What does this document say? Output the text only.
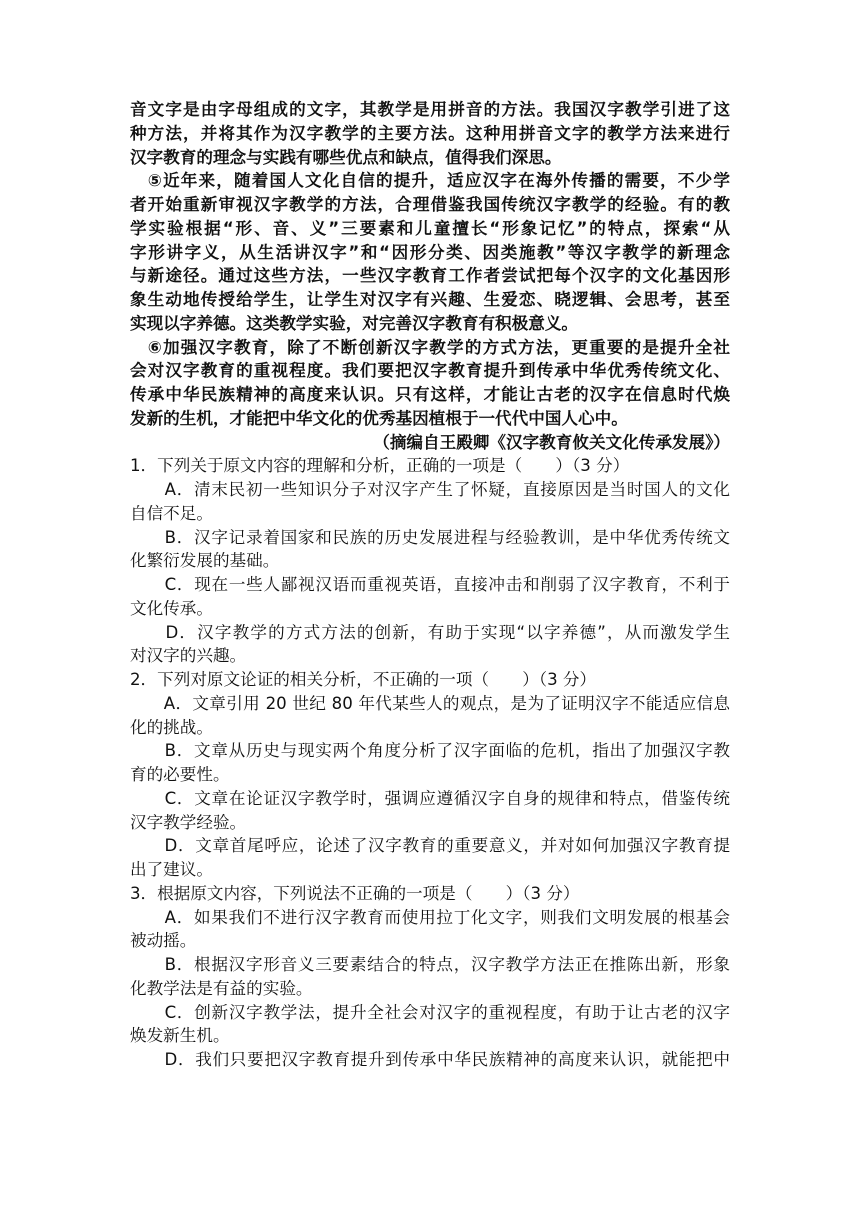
音文字是由字母组成的文字，其教学是用拼音的方法。我国汉字教学引进了这
种方法，并将其作为汉字教学的主要方法。这种用拼音文字的教学方法来进行
汉字教育的理念与实践有哪些优点和缺点，值得我们深思。
　⑤近年来，随着国人文化自信的提升，适应汉字在海外传播的需要，不少学
者开始重新审视汉字教学的方法，合理借鉴我国传统汉字教学的经验。有的教
学实验根据“形、音、义”三要素和儿童擅长“形象记忆”的特点，探索“从
字形讲字义，从生活讲汉字”和“因形分类、因类施教”等汉字教学的新理念
与新途径。通过这些方法，一些汉字教育工作者尝试把每个汉字的文化基因形
象生动地传授给学生，让学生对汉字有兴趣、生爱恋、晓逻辑、会思考，甚至
实现以字养德。这类教学实验，对完善汉字教育有积极意义。
　⑥加强汉字教育，除了不断创新汉字教学的方式方法，更重要的是提升全社
会对汉字教育的重视程度。我们要把汉字教育提升到传承中华优秀传统文化、
传承中华民族精神的高度来认识。只有这样，才能让古老的汉字在信息时代焕
发新的生机，才能把中华文化的优秀基因植根于一代代中国人心中。
（摘编自王殿卿《汉字教育攸关文化传承发展》）
1．下列关于原文内容的理解和分析，正确的一项是（　　）（3 分）
　　A．清末民初一些知识分子对汉字产生了怀疑，直接原因是当时国人的文化
自信不足。
　　B．汉字记录着国家和民族的历史发展进程与经验教训，是中华优秀传统文
化繁衍发展的基础。
　　C．现在一些人鄙视汉语而重视英语，直接冲击和削弱了汉字教育，不利于
文化传承。
　　D．汉字教学的方式方法的创新，有助于实现“以字养德”，从而激发学生
对汉字的兴趣。
2．下列对原文论证的相关分析，不正确的一项（　　）（3 分）
　　A．文章引用 20 世纪 80 年代某些人的观点，是为了证明汉字不能适应信息
化的挑战。
　　B．文章从历史与现实两个角度分析了汉字面临的危机，指出了加强汉字教
育的必要性。
　　C．文章在论证汉字教学时，强调应遵循汉字自身的规律和特点，借鉴传统
汉字教学经验。
　　D．文章首尾呼应，论述了汉字教育的重要意义，并对如何加强汉字教育提
出了建议。
3．根据原文内容，下列说法不正确的一项是（　　）（3 分）
　　A．如果我们不进行汉字教育而使用拉丁化文字，则我们文明发展的根基会
被动摇。
　　B．根据汉字形音义三要素结合的特点，汉字教学方法正在推陈出新，形象
化教学法是有益的实验。
　　C．创新汉字教学法，提升全社会对汉字的重视程度，有助于让古老的汉字
焕发新生机。
　　D．我们只要把汉字教育提升到传承中华民族精神的高度来认识，就能把中
